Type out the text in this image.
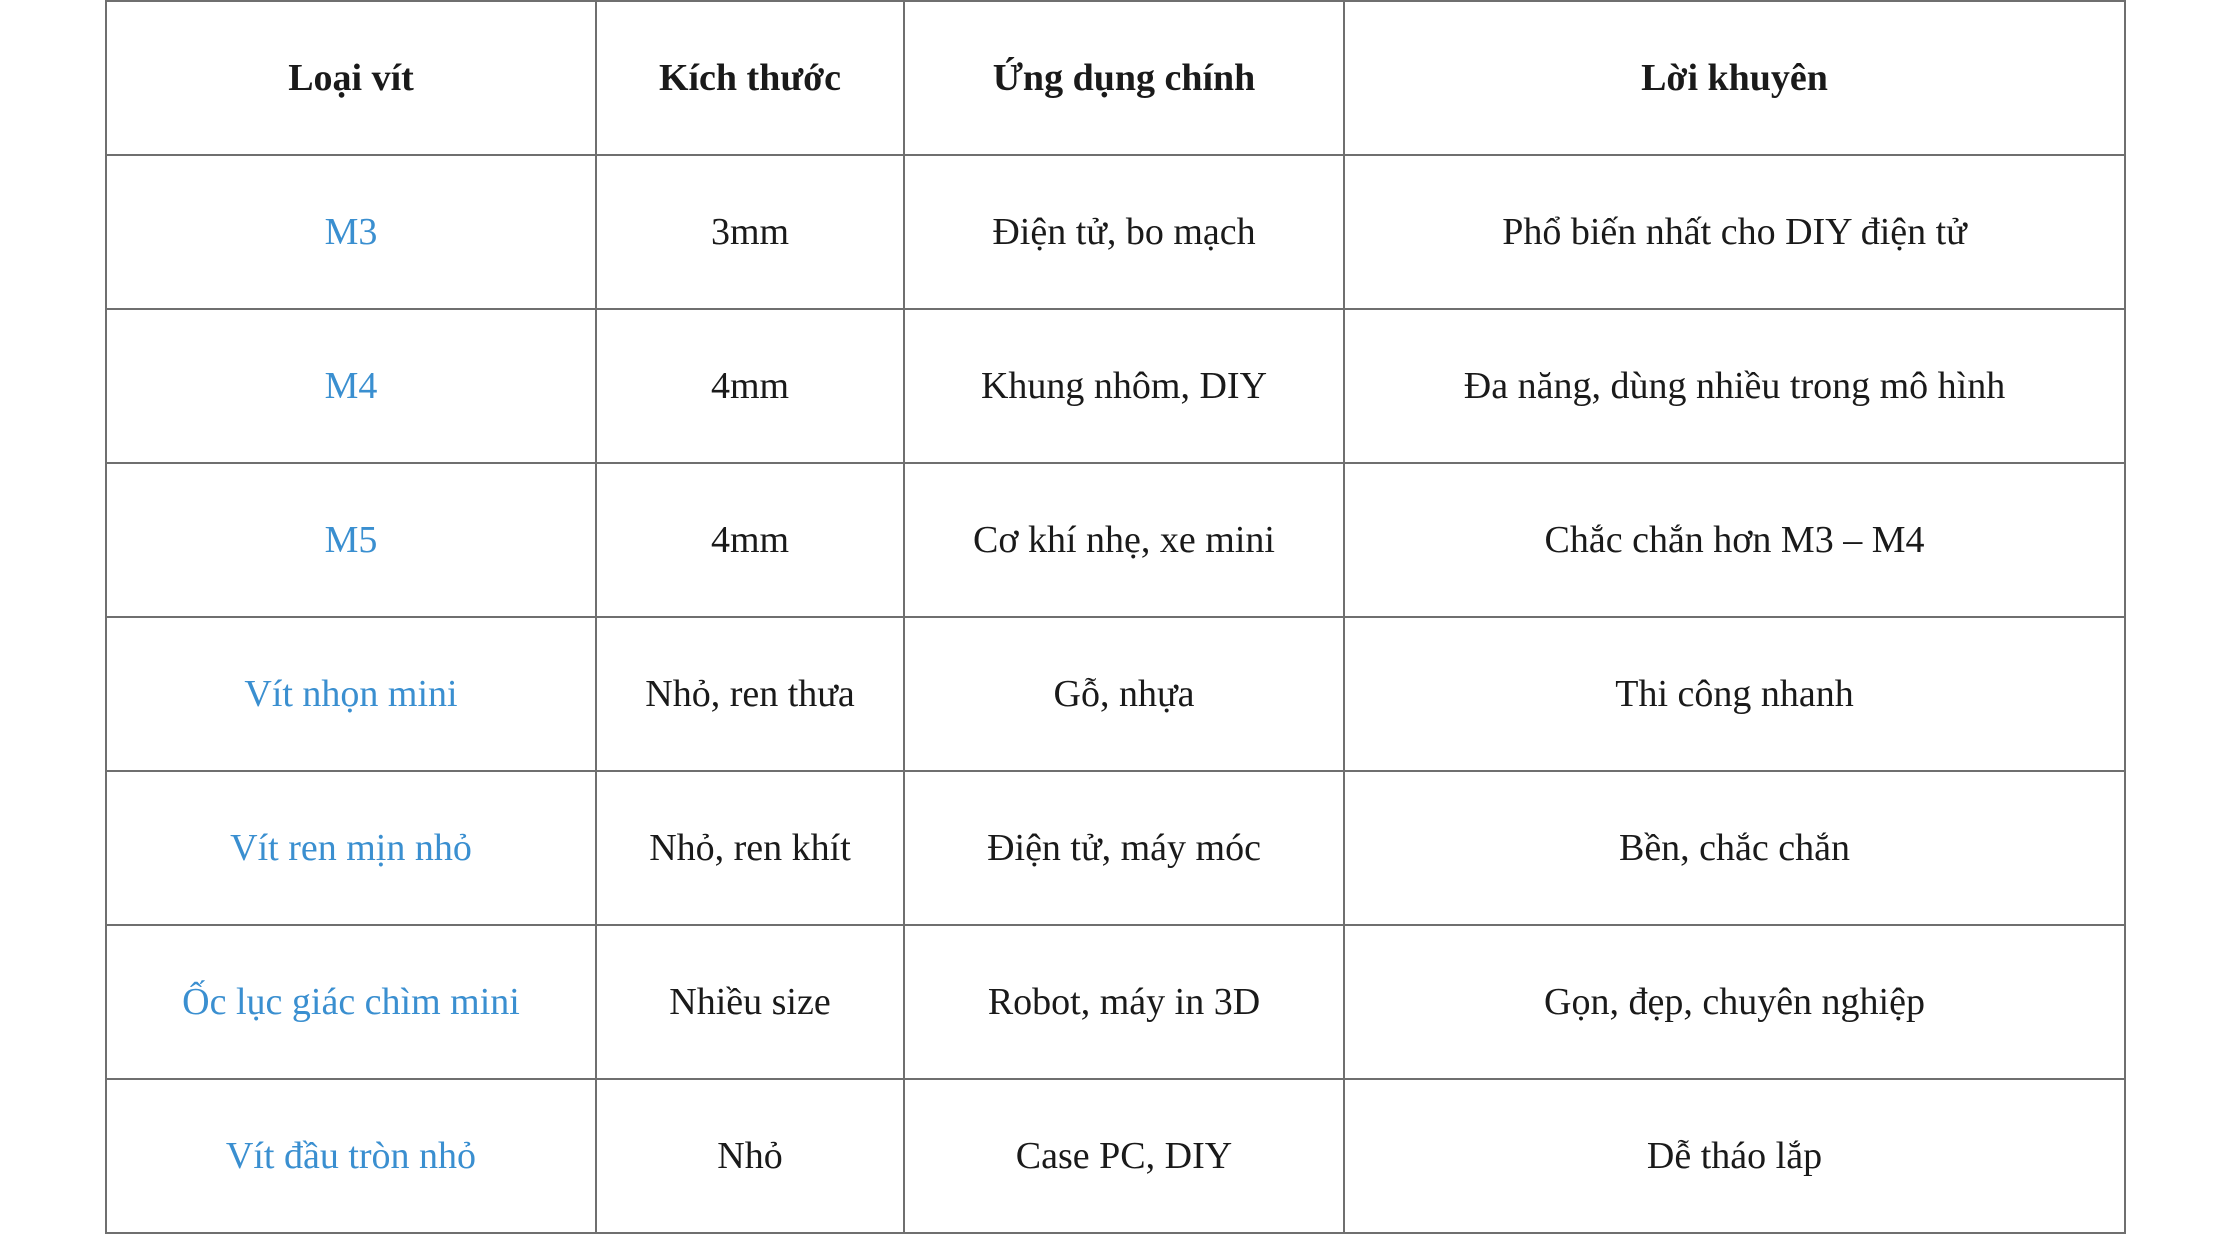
Loại vít	Kích thước	Ứng dụng chính	Lời khuyên
M3	3mm	Điện tử, bo mạch	Phổ biến nhất cho DIY điện tử
M4	4mm	Khung nhôm, DIY	Đa năng, dùng nhiều trong mô hình
M5	4mm	Cơ khí nhẹ, xe mini	Chắc chắn hơn M3 – M4
Vít nhọn mini	Nhỏ, ren thưa	Gỗ, nhựa	Thi công nhanh
Vít ren mịn nhỏ	Nhỏ, ren khít	Điện tử, máy móc	Bền, chắc chắn
Ốc lục giác chìm mini	Nhiều size	Robot, máy in 3D	Gọn, đẹp, chuyên nghiệp
Vít đầu tròn nhỏ	Nhỏ	Case PC, DIY	Dễ tháo lắp
